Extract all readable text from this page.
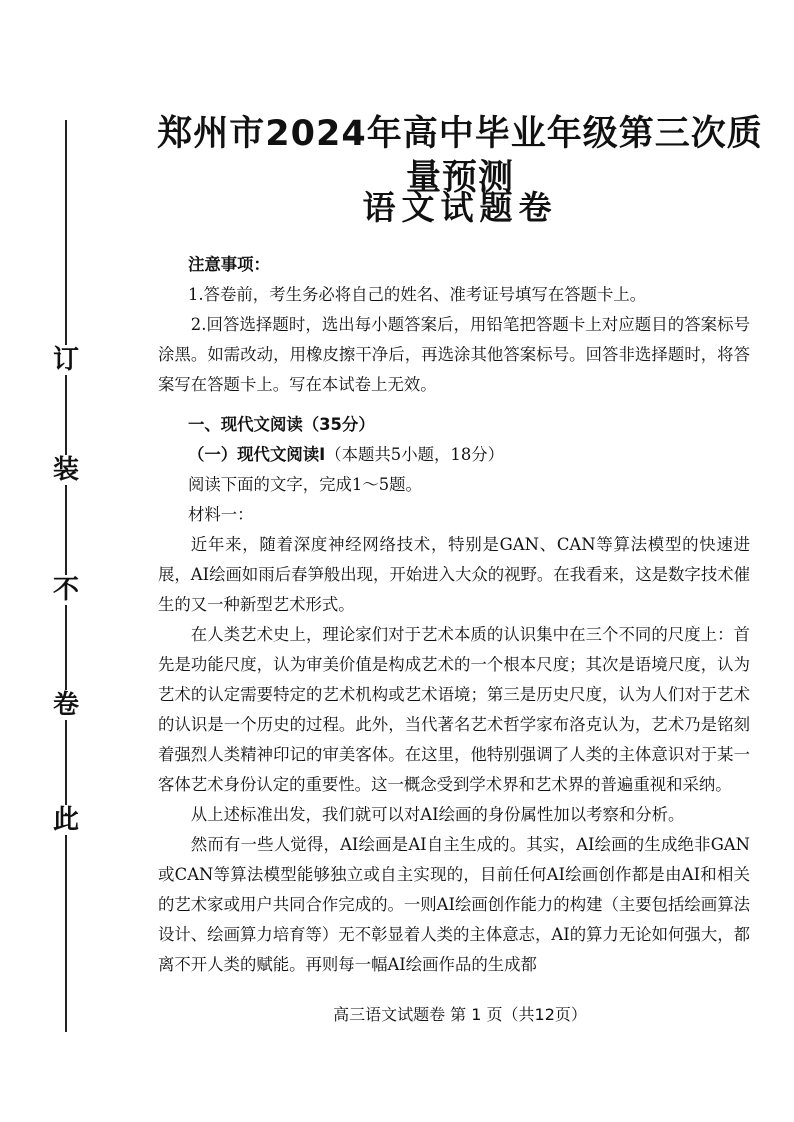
订
装
不
卷
此
郑州市2024年高中毕业年级第三次质量预测
语文试题卷

注意事项：

1.答卷前，考生务必将自己的姓名、准考证号填写在答题卡上。

2.回答选择题时，选出每小题答案后，用铅笔把答题卡上对应题目的答案标号涂黑。如需改动，用橡皮擦干净后，再选涂其他答案标号。回答非选择题时，将答案写在答题卡上。写在本试卷上无效。

一、现代文阅读（35分）

（一）现代文阅读Ⅰ（本题共5小题，18分）

阅读下面的文字，完成1～5题。

材料一：

近年来，随着深度神经网络技术，特别是GAN、CAN等算法模型的快速进展，AI绘画如雨后春笋般出现，开始进入大众的视野。在我看来，这是数字技术催生的又一种新型艺术形式。

在人类艺术史上，理论家们对于艺术本质的认识集中在三个不同的尺度上：首先是功能尺度，认为审美价值是构成艺术的一个根本尺度；其次是语境尺度，认为艺术的认定需要特定的艺术机构或艺术语境；第三是历史尺度，认为人们对于艺术的认识是一个历史的过程。此外，当代著名艺术哲学家布洛克认为，艺术乃是铭刻着强烈人类精神印记的审美客体。在这里，他特别强调了人类的主体意识对于某一客体艺术身份认定的重要性。这一概念受到学术界和艺术界的普遍重视和采纳。

从上述标准出发，我们就可以对AI绘画的身份属性加以考察和分析。

然而有一些人觉得，AI绘画是AI自主生成的。其实，AI绘画的生成绝非GAN或CAN等算法模型能够独立或自主实现的，目前任何AI绘画创作都是由AI和相关的艺术家或用户共同合作完成的。一则AI绘画创作能力的构建（主要包括绘画算法设计、绘画算力培育等）无不彰显着人类的主体意志，AI的算力无论如何强大，都离不开人类的赋能。再则每一幅AI绘画作品的生成都

高三语文试题卷 第 1 页（共12页）
